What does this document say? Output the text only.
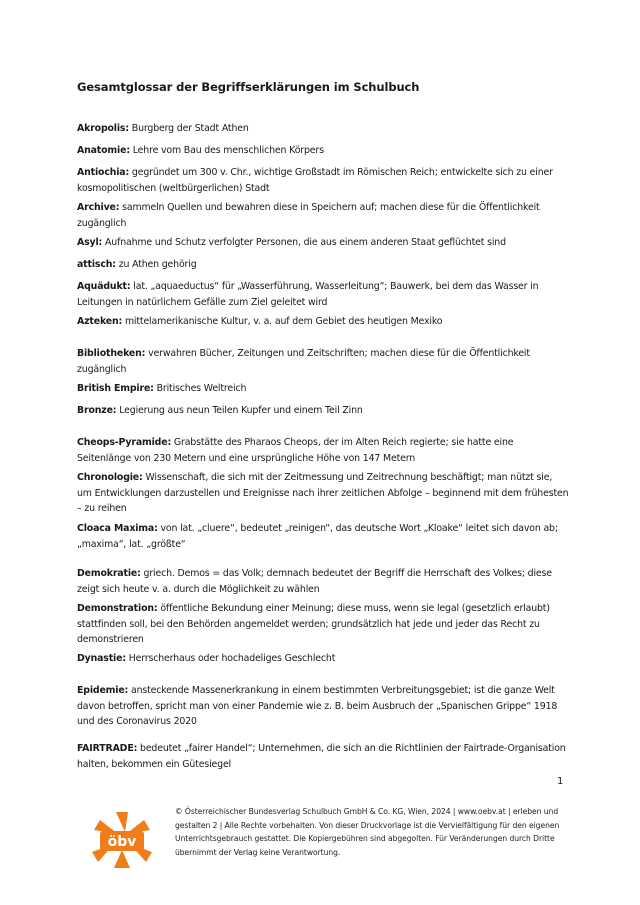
Gesamtglossar der Begriffserklärungen im Schulbuch
Akropolis: Burgberg der Stadt Athen
Anatomie: Lehre vom Bau des menschlichen Körpers
Antiochia: gegründet um 300 v. Chr., wichtige Großstadt im Römischen Reich; entwickelte sich zu einer kosmopolitischen (weltbürgerlichen) Stadt
Archive: sammeln Quellen und bewahren diese in Speichern auf; machen diese für die Öffentlichkeit zugänglich
Asyl: Aufnahme und Schutz verfolgter Personen, die aus einem anderen Staat geflüchtet sind
attisch: zu Athen gehörig
Aquädukt: lat. „aquaeductus“ für „Wasserführung, Wasserleitung“; Bauwerk, bei dem das Wasser in Leitungen in natürlichem Gefälle zum Ziel geleitet wird
Azteken: mittelamerikanische Kultur, v. a. auf dem Gebiet des heutigen Mexiko
Bibliotheken: verwahren Bücher, Zeitungen und Zeitschriften; machen diese für die Öffentlichkeit zugänglich
British Empire: Britisches Weltreich
Bronze: Legierung aus neun Teilen Kupfer und einem Teil Zinn
Cheops-Pyramide: Grabstätte des Pharaos Cheops, der im Alten Reich regierte; sie hatte eine Seitenlänge von 230 Metern und eine ursprüngliche Höhe von 147 Metern
Chronologie: Wissenschaft, die sich mit der Zeitmessung und Zeitrechnung beschäftigt; man nützt sie, um Entwicklungen darzustellen und Ereignisse nach ihrer zeitlichen Abfolge – beginnend mit dem frühesten – zu reihen
Cloaca Maxima: von lat. „cluere“, bedeutet „reinigen“, das deutsche Wort „Kloake“ leitet sich davon ab; „maxima“, lat. „größte“
Demokratie: griech. Demos = das Volk; demnach bedeutet der Begriff die Herrschaft des Volkes; diese zeigt sich heute v. a. durch die Möglichkeit zu wählen
Demonstration: öffentliche Bekundung einer Meinung; diese muss, wenn sie legal (gesetzlich erlaubt) stattfinden soll, bei den Behörden angemeldet werden; grundsätzlich hat jede und jeder das Recht zu demonstrieren
Dynastie: Herrscherhaus oder hochadeliges Geschlecht
Epidemie: ansteckende Massenerkrankung in einem bestimmten Verbreitungsgebiet; ist die ganze Welt davon betroffen, spricht man von einer Pandemie wie z. B. beim Ausbruch der „Spanischen Grippe“ 1918 und des Coronavirus 2020
FAIRTRADE: bedeutet „fairer Handel“; Unternehmen, die sich an die Richtlinien der Fairtrade-Organisation halten, bekommen ein Gütesiegel
1
öbv
© Österreichischer Bundesverlag Schulbuch GmbH & Co. KG, Wien, 2024 | www.oebv.at | erleben und gestalten 2 | Alle Rechte vorbehalten. Von dieser Druckvorlage ist die Vervielfältigung für den eigenen Unterrichtsgebrauch gestattet. Die Kopiergebühren sind abgegolten. Für Veränderungen durch Dritte übernimmt der Verlag keine Verantwortung.
